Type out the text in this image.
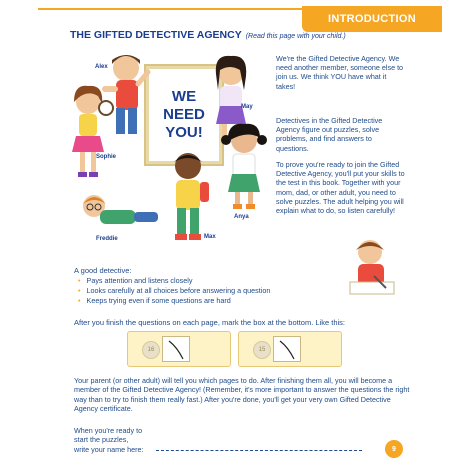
INTRODUCTION
THE GIFTED DETECTIVE AGENCY (Read this page with your child.)
WE
NEED
YOU!
Alex
Sophie
May
Anya
Max
Freddie
We're the Gifted Detective Agency. We need another member, someone else to join us. We think YOU have what it takes!
Detectives in the Gifted Detective Agency figure out puzzles, solve problems, and find answers to questions.
To prove you're ready to join the Gifted Detective Agency, you'll put your skills to the test in this book. Together with your mom, dad, or other adult, you need to solve puzzles. The adult helping you will explain what to do, so listen carefully!
A good detective:
• Pays attention and listens closely
• Looks carefully at all choices before answering a question
• Keeps trying even if some questions are hard
After you finish the questions on each page, mark the box at the bottom. Like this:
16	15
Your parent (or other adult) will tell you which pages to do. After finishing them all, you will become a member of the Gifted Detective Agency! (Remember, it's more important to answer the questions the right way than to try to finish them really fast.) After you're done, you'll get your very own Gifted Detective Agency certificate.
When you're ready to
start the puzzles,
write your name here:	9
